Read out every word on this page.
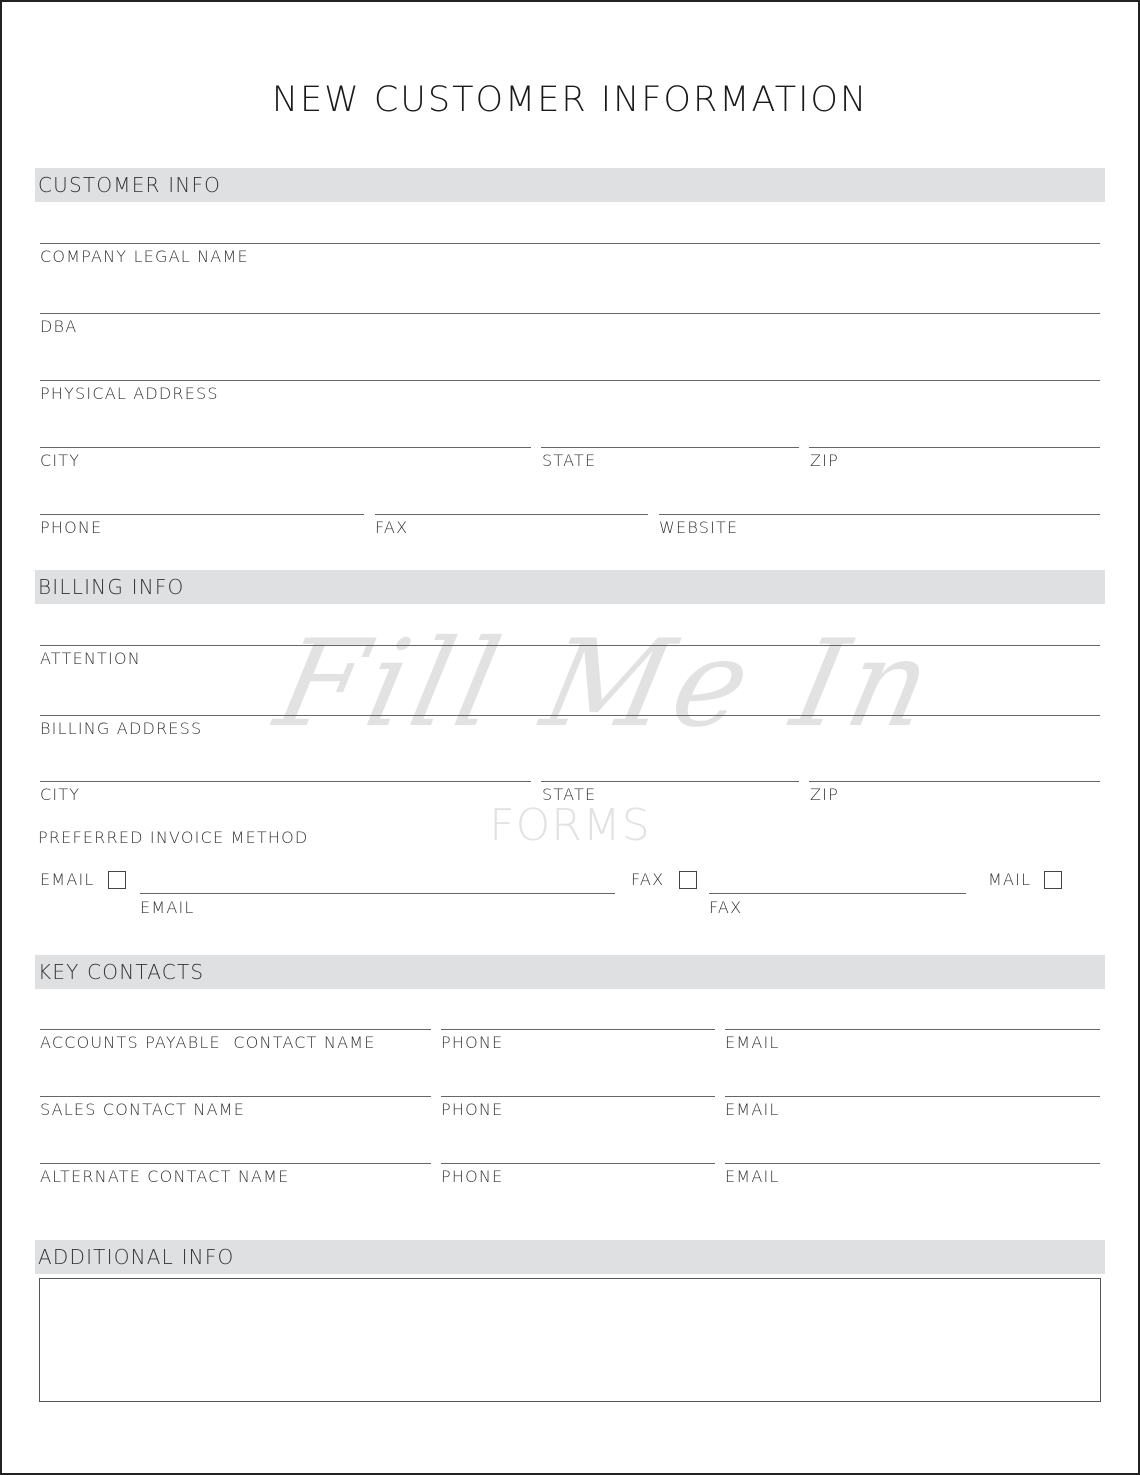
Fill Me In
FORMS
NEW CUSTOMER INFORMATION
CUSTOMER INFO
COMPANY LEGAL NAME
DBA
PHYSICAL ADDRESS
CITY	STATE	ZIP
PHONE	FAX	WEBSITE
BILLING INFO
ATTENTION
BILLING ADDRESS
CITY	STATE	ZIP
PREFERRED INVOICE METHOD
EMAIL
EMAIL
FAX
FAX
MAIL
KEY CONTACTS
ACCOUNTS PAYABLE  CONTACT NAME	PHONE	EMAIL
SALES CONTACT NAME	PHONE	EMAIL
ALTERNATE CONTACT NAME	PHONE	EMAIL
ADDITIONAL INFO
